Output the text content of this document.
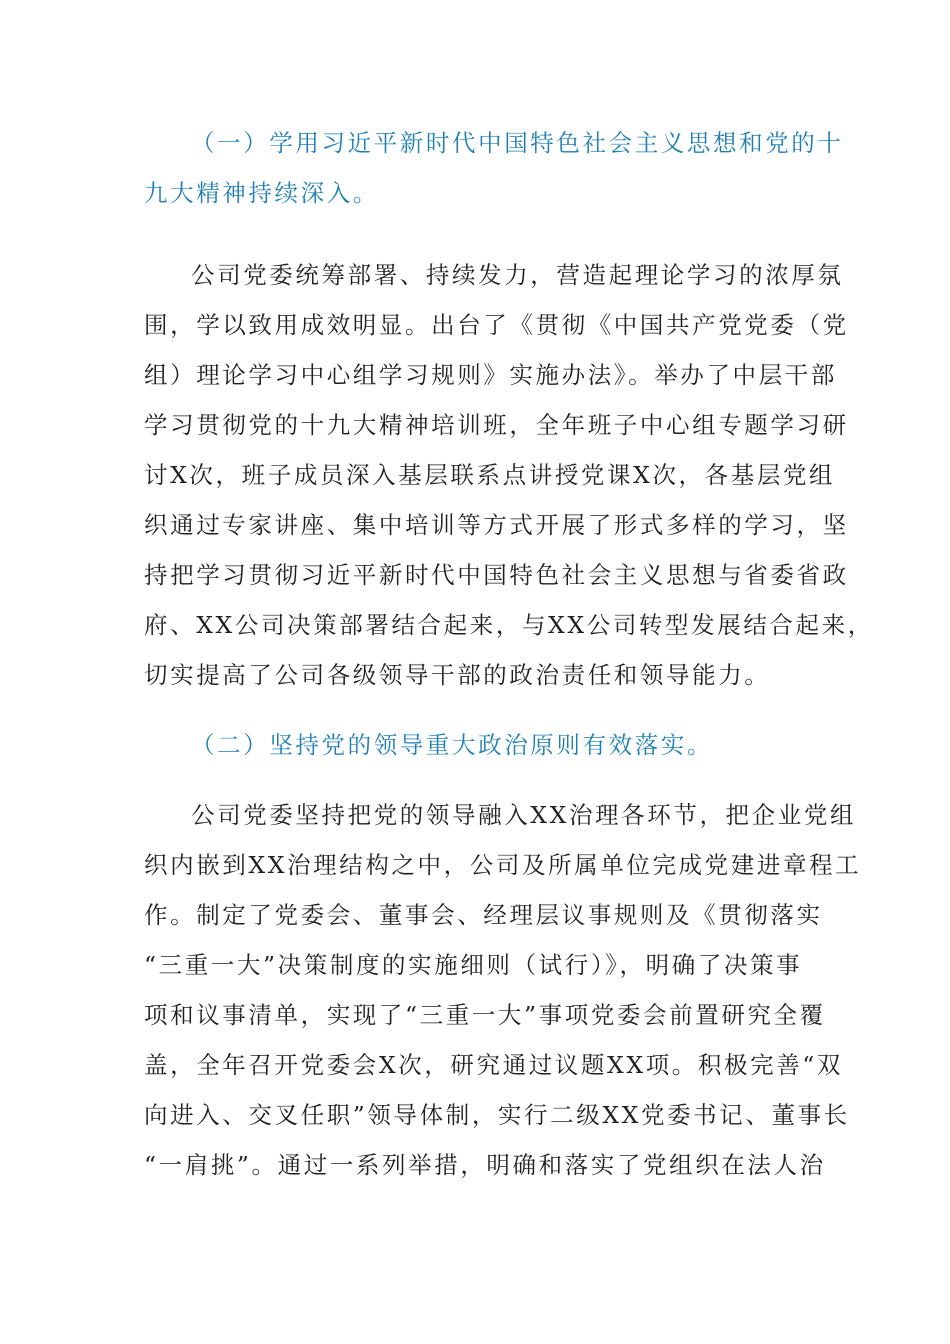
（一）学用习近平新时代中国特色社会主义思想和党的十
九大精神持续深入。
公司党委统筹部署、持续发力，营造起理论学习的浓厚氛
围，学以致用成效明显。出台了《贯彻《中国共产党党委（党
组）理论学习中心组学习规则》实施办法》。举办了中层干部
学习贯彻党的十九大精神培训班，全年班子中心组专题学习研
讨X次，班子成员深入基层联系点讲授党课X次，各基层党组
织通过专家讲座、集中培训等方式开展了形式多样的学习，坚
持把学习贯彻习近平新时代中国特色社会主义思想与省委省政
府、XX公司决策部署结合起来，与XX公司转型发展结合起来，
切实提高了公司各级领导干部的政治责任和领导能力。
（二）坚持党的领导重大政治原则有效落实。
公司党委坚持把党的领导融入XX治理各环节，把企业党组
织内嵌到XX治理结构之中，公司及所属单位完成党建进章程工
作。制定了党委会、董事会、经理层议事规则及《贯彻落实
“三重一大”决策制度的实施细则（试行）》，明确了决策事
项和议事清单，实现了“三重一大”事项党委会前置研究全覆
盖，全年召开党委会X次，研究通过议题XX项。积极完善“双
向进入、交叉任职”领导体制，实行二级XX党委书记、董事长
“一肩挑”。通过一系列举措，明确和落实了党组织在法人治
